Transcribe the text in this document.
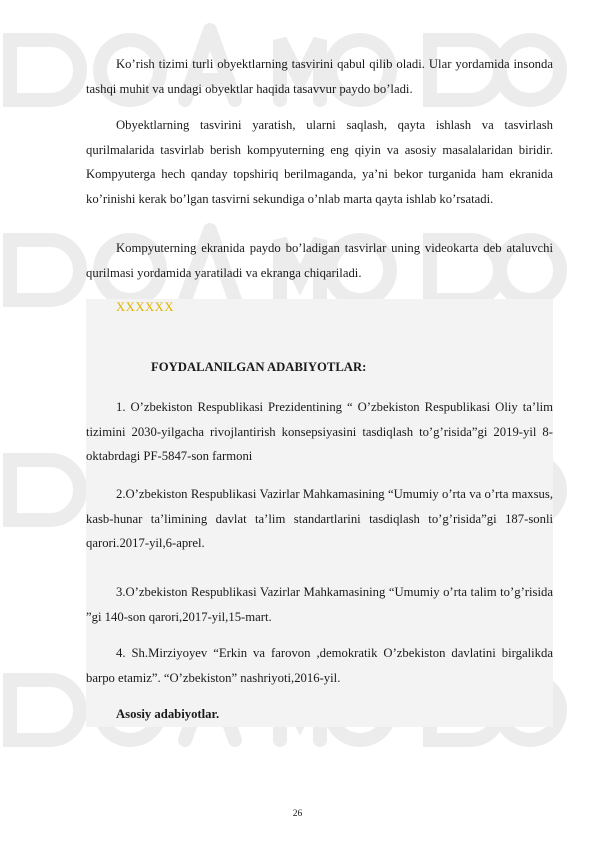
Ko’rish tizimi turli obyektlarning tasvirini qabul qilib oladi. Ular yordamida insonda tashqi muhit va undagi obyektlar haqida tasavvur paydo bo’ladi.

Obyektlarning tasvirini yaratish, ularni saqlash, qayta ishlash va tasvirlash qurilmalarida tasvirlab berish kompyuterning eng qiyin va asosiy masalalaridan biridir. Kompyuterga hech qanday topshiriq berilmaganda, ya’ni bekor turganida ham ekranida ko’rinishi kerak bo’lgan tasvirni sekundiga o’nlab marta qayta ishlab ko’rsatadi.

Kompyuterning ekranida paydo bo’ladigan tasvirlar uning videokarta deb ataluvchi qurilmasi yordamida yaratiladi va ekranga chiqariladi.

XXXXXX

FOYDALANILGAN ADABIYOTLAR:

1. O’zbekiston Respublikasi Prezidentining “ O’zbekiston Respublikasi Oliy ta’lim tizimini 2030-yilgacha rivojlantirish konsepsiyasini tasdiqlash to’g’risida”gi 2019-yil 8-oktabrdagi PF-5847-son farmoni

2.O’zbekiston Respublikasi Vazirlar Mahkamasining “Umumiy o’rta va o’rta maxsus, kasb-hunar ta’limining davlat ta’lim standartlarini tasdiqlash to’g’risida”gi 187-sonli qarori.2017-yil,6-aprel.

3.O’zbekiston Respublikasi Vazirlar Mahkamasining “Umumiy o’rta talim to’g’risida ”gi 140-son qarori,2017-yil,15-mart.

4. Sh.Mirziyoyev “Erkin va farovon ,demokratik O’zbekiston davlatini birgalikda barpo etamiz”. “O’zbekiston” nashriyoti,2016-yil.

Asosiy adabiyotlar.

26
